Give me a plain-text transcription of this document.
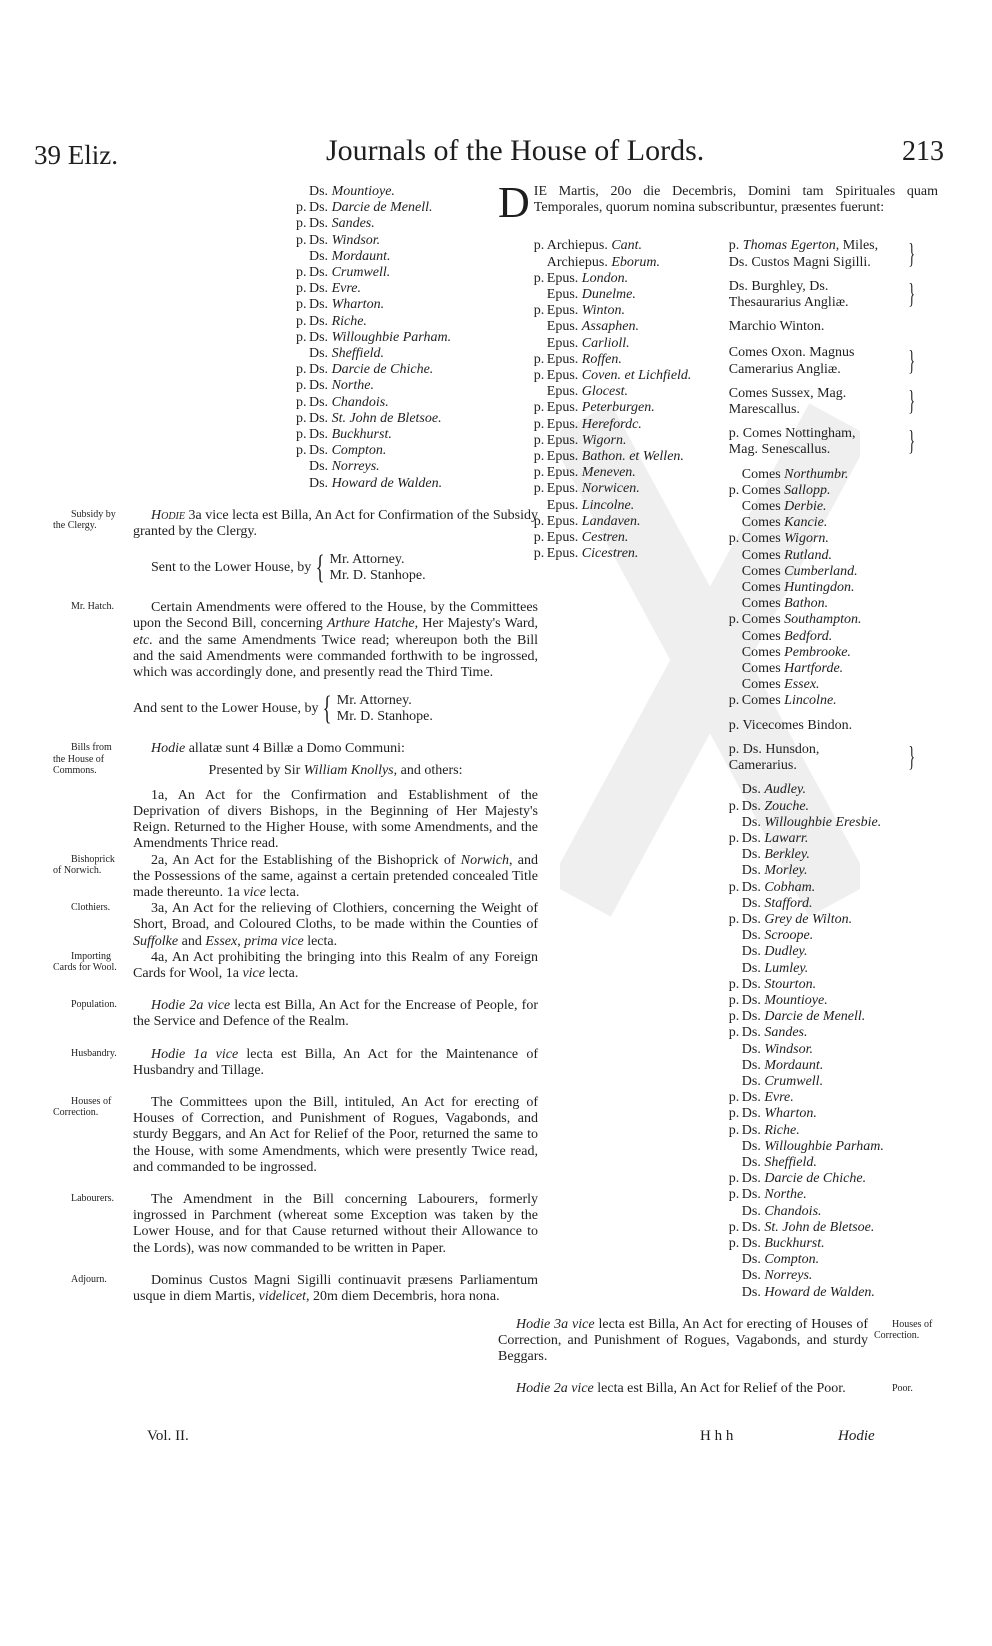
39 Eliz.	Journals of the House of Lords.	213
Ds. Mountioye.
p. Ds. Darcie de Menell.
p. Ds. Sandes.
p. Ds. Windsor.
Ds. Mordaunt.
p. Ds. Crumwell.
p. Ds. Evre.
p. Ds. Wharton.
p. Ds. Riche.
p. Ds. Willoughbie Parham.
Ds. Sheffield.
p. Ds. Darcie de Chiche.
p. Ds. Northe.
p. Ds. Chandois.
p. Ds. St. John de Bletsoe.
p. Ds. Buckhurst.
p. Ds. Compton.
Ds. Norreys.
Ds. Howard de Walden.
Subsidy by the Clergy.
Hodie 3a vice lecta est Billa, An Act for Confirmation of the Subsidy granted by the Clergy.
Sent to the Lower House, by { Mr. Attorney.
Mr. D. Stanhope.
Mr. Hatch.	Certain Amendments were offered to the House, by the Committees upon the Second Bill, concerning Arthure Hatche, Her Majesty's Ward, etc. and the same Amendments Twice read; whereupon both the Bill and the said Amendments were commanded forthwith to be ingrossed, which was accordingly done, and presently read the Third Time.
And sent to the Lower House, by { Mr. Attorney.
Mr. D. Stanhope.
Bills from the House of Commons.
Hodie allatæ sunt 4 Billæ a Domo Communi:
Presented by Sir William Knollys, and others:
1a, An Act for the Confirmation and Establishment of the Deprivation of divers Bishops, in the Beginning of Her Majesty's Reign. Returned to the Higher House, with some Amendments, and the Amendments Thrice read.
Bishoprick of Norwich.
2a, An Act for the Establishing of the Bishoprick of Norwich, and the Possessions of the same, against a certain pretended concealed Title made thereunto. 1a vice lecta.
Clothiers.	3a, An Act for the relieving of Clothiers, concerning the Weight of Short, Broad, and Coloured Cloths, to be made within the Counties of Suffolke and Essex, prima vice lecta.
Importing Cards for Wool.
4a, An Act prohibiting the bringing into this Realm of any Foreign Cards for Wool, 1a vice lecta.
Population. Hodie 2a vice lecta est Billa, An Act for the Encrease of People, for the Service and Defence of the Realm.
Husbandry. Hodie 1a vice lecta est Billa, An Act for the Maintenance of Husbandry and Tillage.
Houses of Correction.
The Committees upon the Bill, intituled, An Act for erecting of Houses of Correction, and Punishment of Rogues, Vagabonds, and sturdy Beggars, and An Act for Relief of the Poor, returned the same to the House, with some Amendments, which were presently Twice read, and commanded to be ingrossed.
Labourers.	The Amendment in the Bill concerning Labourers, formerly ingrossed in Parchment (whereat some Exception was taken by the Lower House, and for that Cause returned without their Allowance to the Lords), was now commanded to be written in Paper.
Adjourn.	Dominus Custos Magni Sigilli continuavit præsens Parliamentum usque in diem Martis, videlicet, 20m diem Decembris, hora nona.
D IE Martis, 20o die Decembris, Domini tam Spirituales quam Temporales, quorum nomina subscribuntur, præsentes fuerunt:
p. Archiepus. Cant.
Archiepus. Eborum.
p. Epus. London.
Epus. Dunelme.
p. Epus. Winton.
Epus. Assaphen.
Epus. Carlioll.
p. Epus. Roffen.
p. Epus. Coven. et Lichfield.
Epus. Glocest.
p. Epus. Peterburgen.
p. Epus. Herefordc.
p. Epus. Wigorn.
p. Epus. Bathon. et Wellen.
p. Epus. Meneven.
p. Epus. Norwicen.
Epus. Lincolne.
p. Epus. Landaven.
p. Epus. Cestren.
p. Epus. Cicestren.
p. Thomas Egerton, Miles, Ds. Custos Magni Sigilli.	}
Ds. Burghley, Ds. Thesaurarius Angliæ.	}
Marchio Winton.
Comes Oxon. Magnus Camerarius Angliæ.	}
Comes Sussex, Mag. Marescallus.	}
p. Comes Nottingham, Mag. Senescallus.	}
Comes Northumbr.
p. Comes Sallopp.
Comes Derbie.
Comes Kancie.
p. Comes Wigorn.
Comes Rutland.
Comes Cumberland.
Comes Huntingdon.
Comes Bathon.
p. Comes Southampton.
Comes Bedford.
Comes Pembrooke.
Comes Hartforde.
Comes Essex.
p. Comes Lincolne.
p. Vicecomes Bindon.
p. Ds. Hunsdon, Camerarius.	}
Ds. Audley.
p. Ds. Zouche.
Ds. Willoughbie Eresbie.
p. Ds. Lawarr.
Ds. Berkley.
Ds. Morley.
p. Ds. Cobham.
Ds. Stafford.
p. Ds. Grey de Wilton.
Ds. Scroope.
Ds. Dudley.
Ds. Lumley.
p. Ds. Stourton.
p. Ds. Mountioye.
p. Ds. Darcie de Menell.
p. Ds. Sandes.
Ds. Windsor.
Ds. Mordaunt.
Ds. Crumwell.
p. Ds. Evre.
p. Ds. Wharton.
p. Ds. Riche.
Ds. Willoughbie Parham.
Ds. Sheffield.
p. Ds. Darcie de Chiche.
p. Ds. Northe.
Ds. Chandois.
p. Ds. St. John de Bletsoe.
p. Ds. Buckhurst.
Ds. Compton.
Ds. Norreys.
Ds. Howard de Walden.
Houses of Correction.
Hodie 3a vice lecta est Billa, An Act for erecting of Houses of Correction, and Punishment of Rogues, Vagabonds, and sturdy Beggars.
Poor.
Hodie 2a vice lecta est Billa, An Act for Relief of the Poor.
Vol. II.	H h h	Hodie
